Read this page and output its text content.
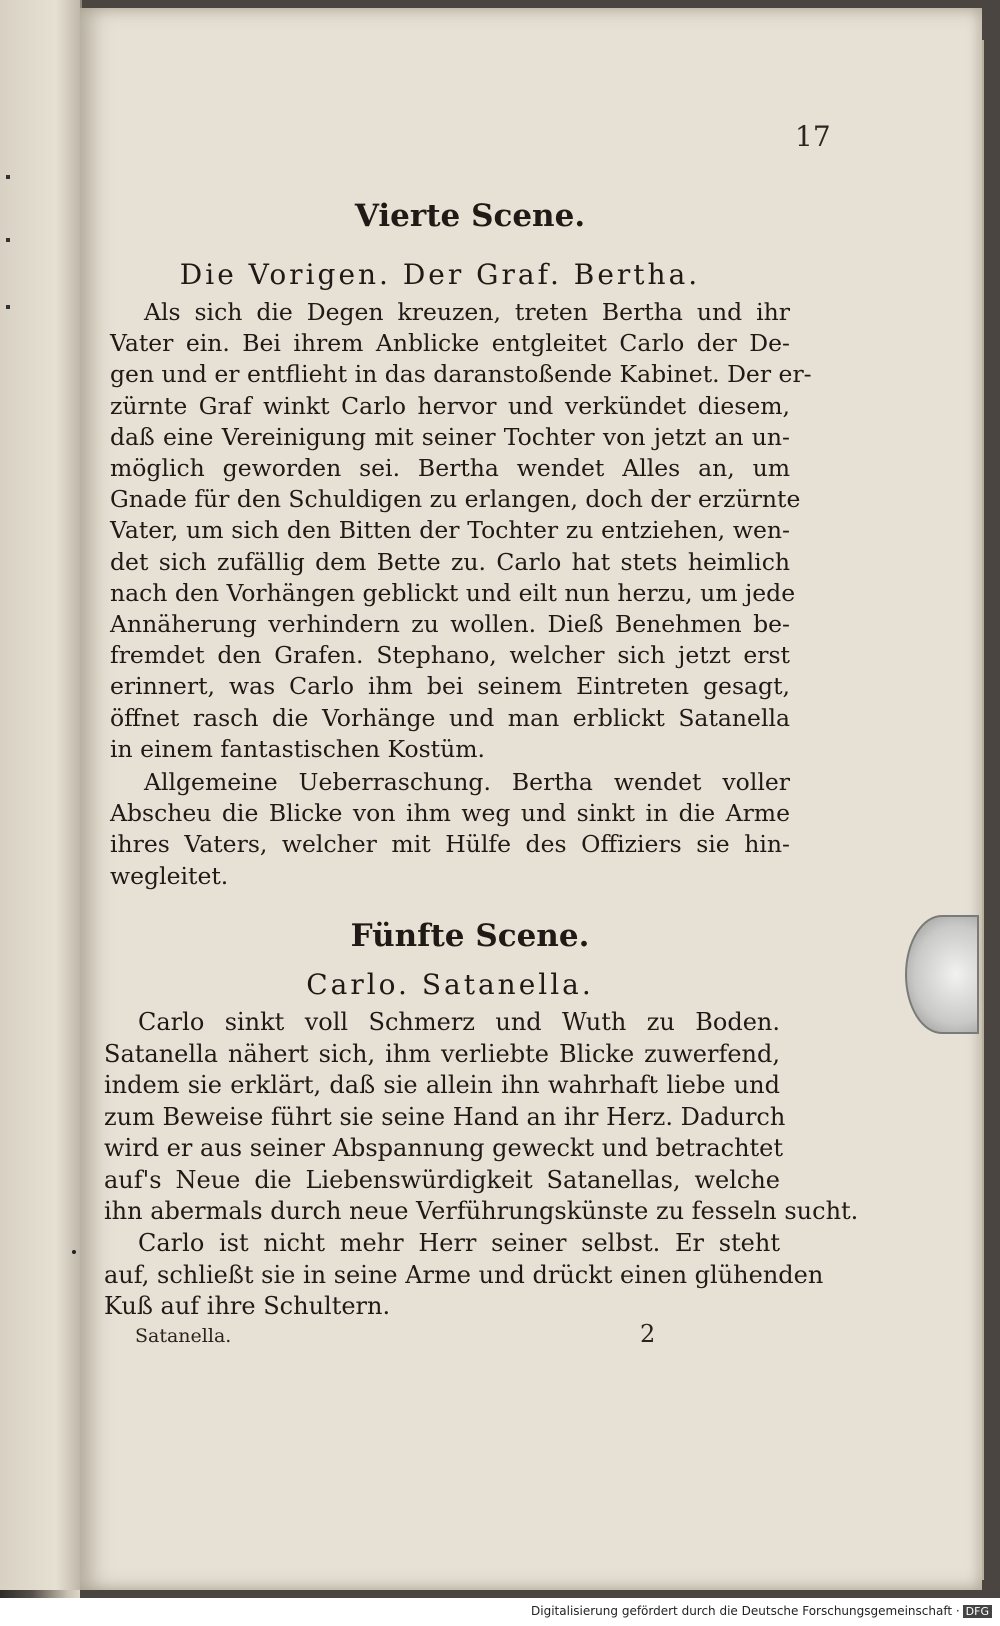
17
Vierte Scene.
Die Vorigen. Der Graf. Bertha.
Als sich die Degen kreuzen, treten Bertha und ihr
Vater ein. Bei ihrem Anblicke entgleitet Carlo der De-
gen und er entflieht in das daranstoßende Kabinet. Der er-
zürnte Graf winkt Carlo hervor und verkündet diesem,
daß eine Vereinigung mit seiner Tochter von jetzt an un-
möglich geworden sei. Bertha wendet Alles an, um
Gnade für den Schuldigen zu erlangen, doch der erzürnte
Vater, um sich den Bitten der Tochter zu entziehen, wen-
det sich zufällig dem Bette zu. Carlo hat stets heimlich
nach den Vorhängen geblickt und eilt nun herzu, um jede
Annäherung verhindern zu wollen. Dieß Benehmen be-
fremdet den Grafen. Stephano, welcher sich jetzt erst
erinnert, was Carlo ihm bei seinem Eintreten gesagt,
öffnet rasch die Vorhänge und man erblickt Satanella
in einem fantastischen Kostüm.
Allgemeine Ueberraschung. Bertha wendet voller
Abscheu die Blicke von ihm weg und sinkt in die Arme
ihres Vaters, welcher mit Hülfe des Offiziers sie hin-
wegleitet.
Fünfte Scene.
Carlo. Satanella.
Carlo sinkt voll Schmerz und Wuth zu Boden.
Satanella nähert sich, ihm verliebte Blicke zuwerfend,
indem sie erklärt, daß sie allein ihn wahrhaft liebe und
zum Beweise führt sie seine Hand an ihr Herz. Dadurch
wird er aus seiner Abspannung geweckt und betrachtet
auf's Neue die Liebenswürdigkeit Satanellas, welche
ihn abermals durch neue Verführungskünste zu fesseln sucht.
Carlo ist nicht mehr Herr seiner selbst. Er steht
auf, schließt sie in seine Arme und drückt einen glühenden
Kuß auf ihre Schultern.
Satanella.	2
Digitalisierung gefördert durch die Deutsche Forschungsgemeinschaft · DFG
